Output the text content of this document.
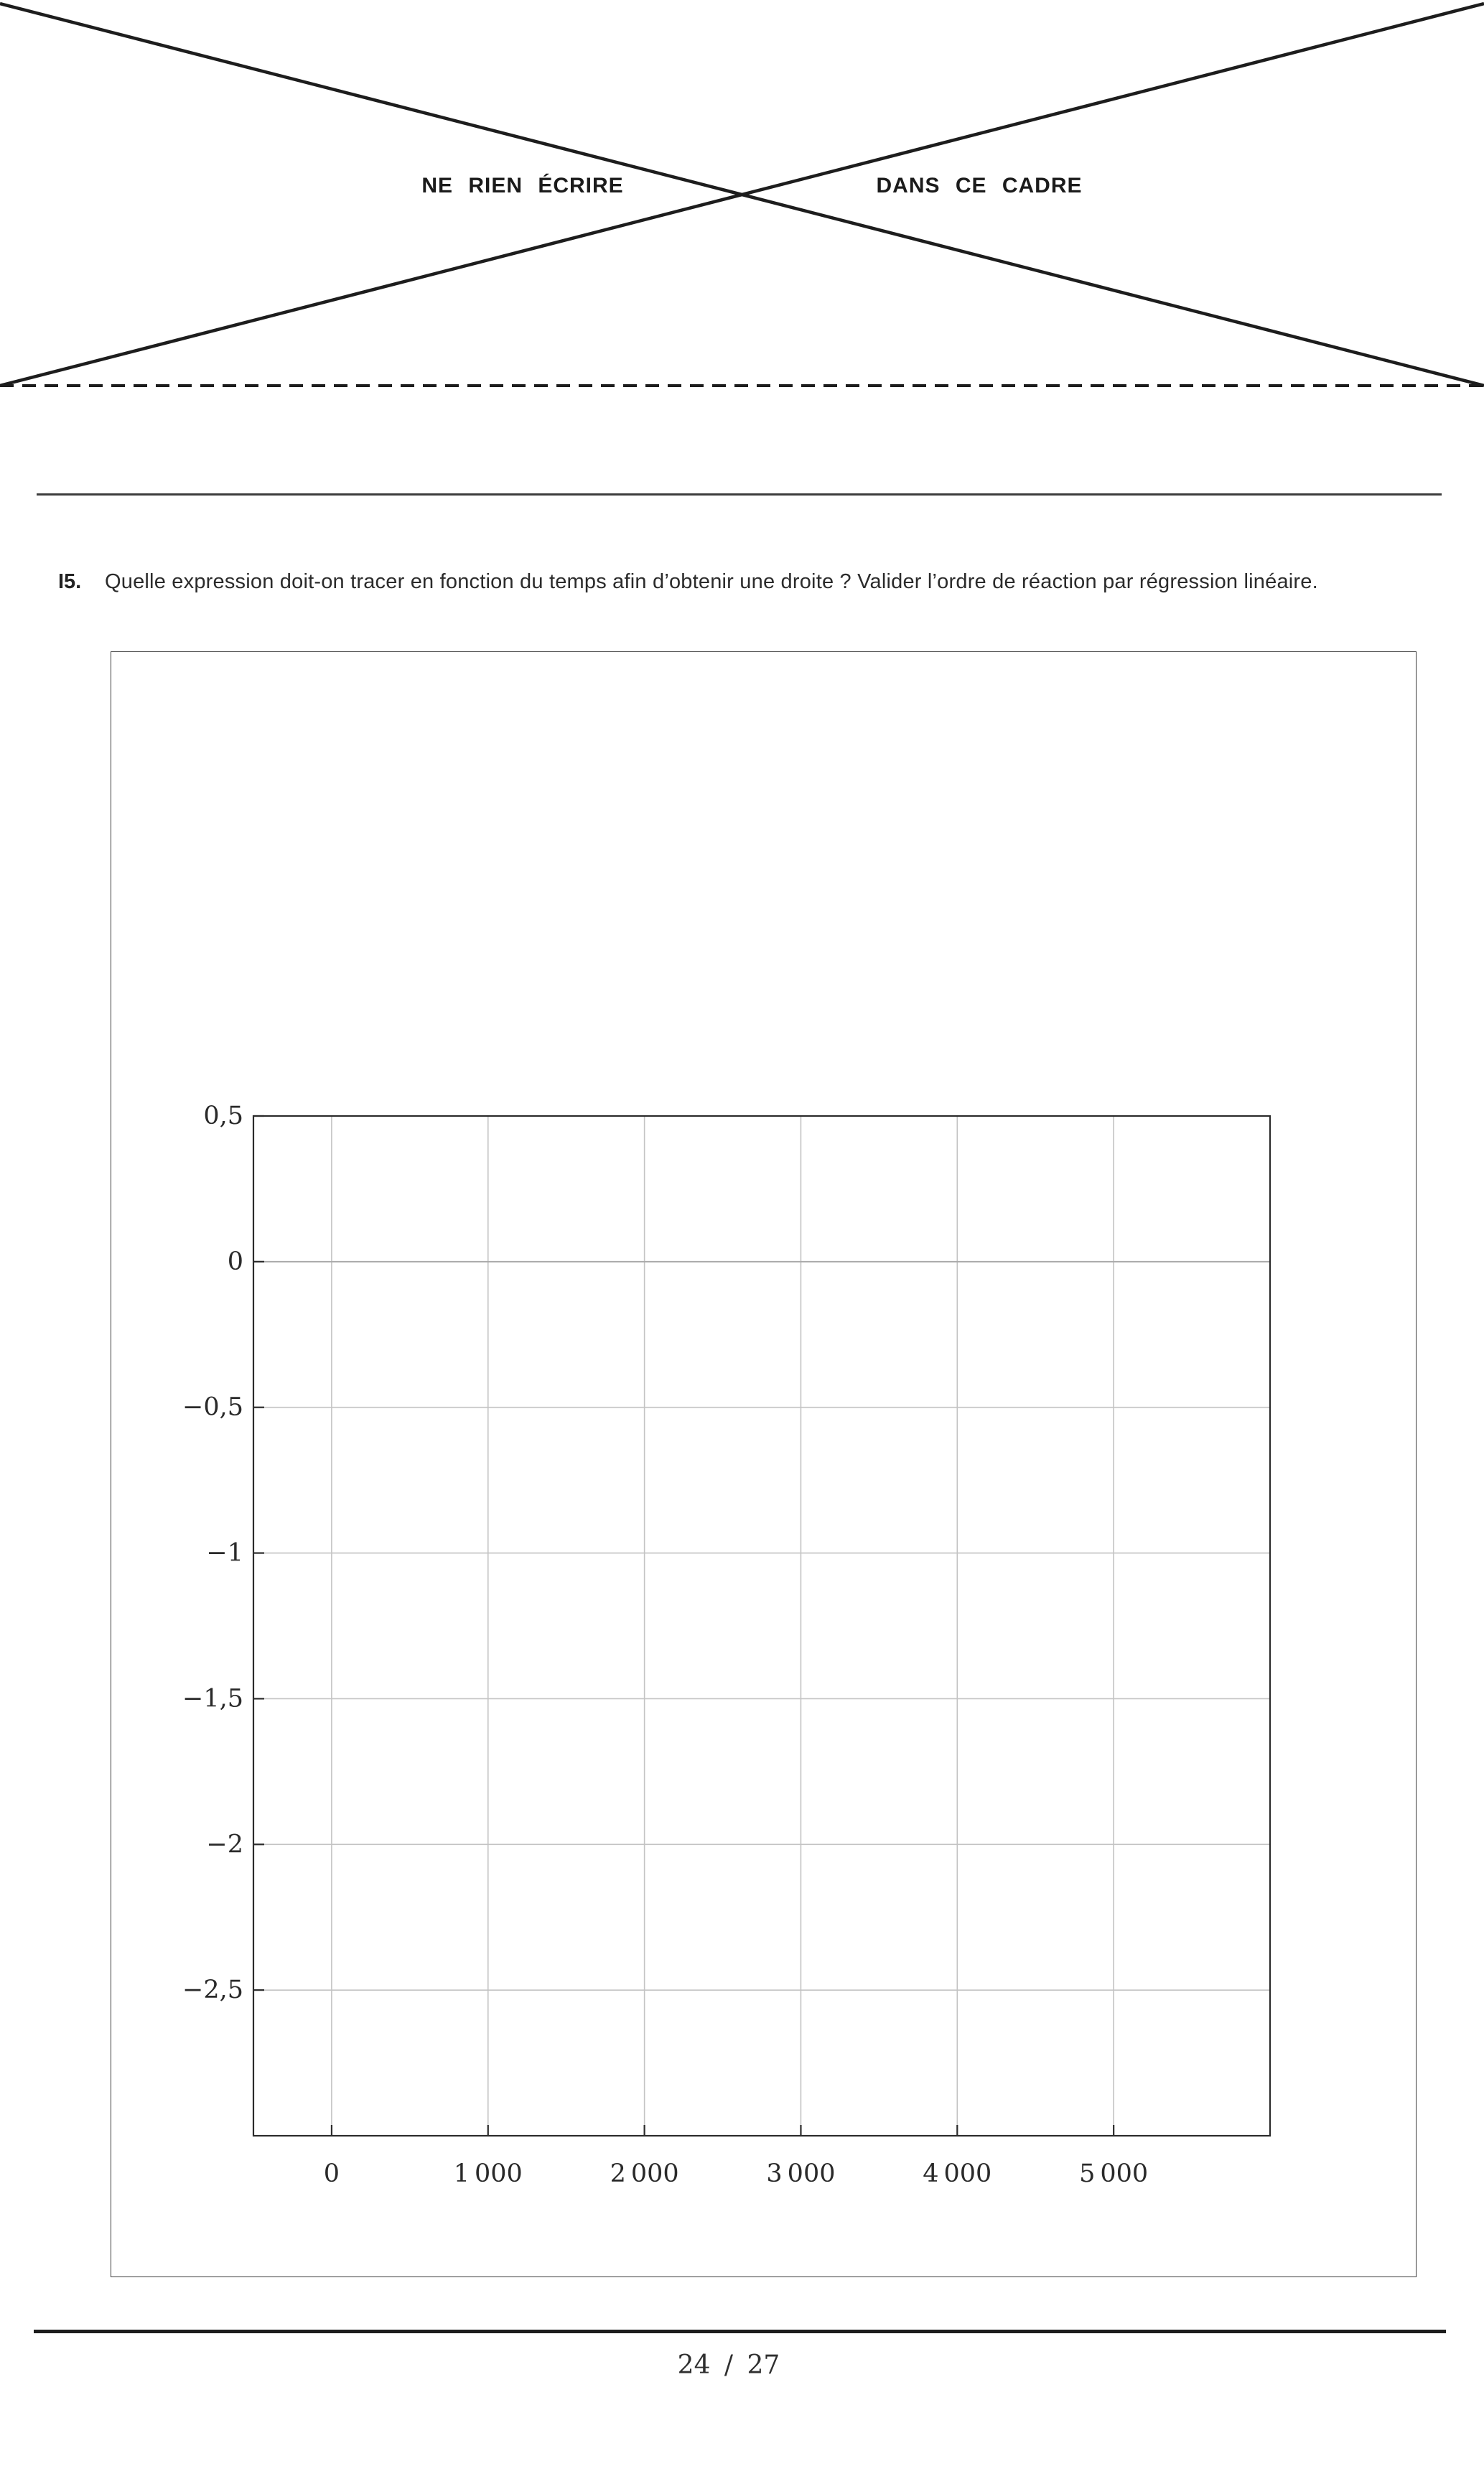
NE RIEN ÉCRIRE	DANS CE CADRE
I5. Quelle expression doit-on tracer en fonction du temps afin d’obtenir une droite ? Valider l’ordre de réaction par régression linéaire.
0	1 000	2 000	3 000	4 000	5 000
0,5
0
−0,5
−1
−1,5
−2
−2,5
24 / 27
